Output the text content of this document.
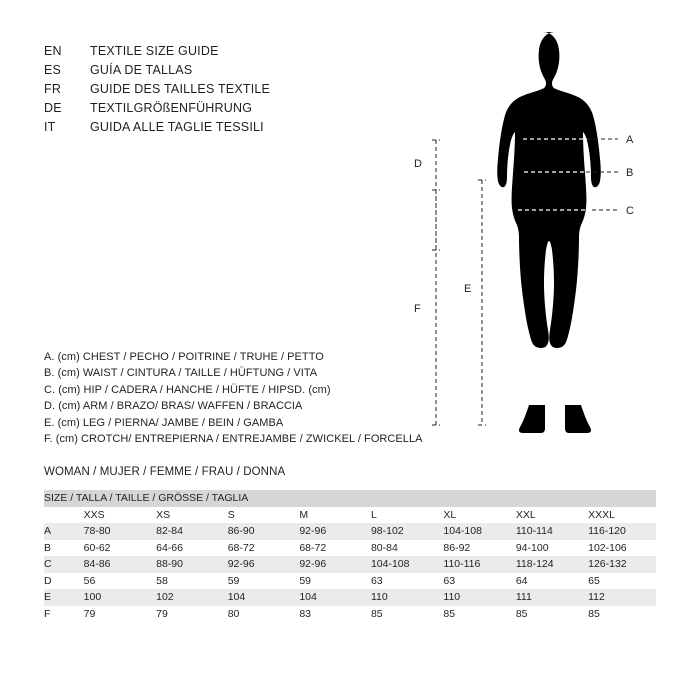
EN	TEXTILE SIZE GUIDE
ES	GUÍA DE TALLAS
FR	GUIDE DES TAILLES TEXTILE
DE	TEXTILGRÖßENFÜHRUNG
IT	GUIDA ALLE TAGLIE TESSILI
A. (cm) CHEST / PECHO / POITRINE / TRUHE / PETTO
B. (cm) WAIST / CINTURA / TAILLE / HÜFTUNG / VITA
C. (cm) HIP / CADERA / HANCHE / HÜFTE / HIPSD. (cm)
D. (cm) ARM / BRAZO/ BRAS/ WAFFEN / BRACCIA
E. (cm) LEG / PIERNA/ JAMBE / BEIN / GAMBA
F. (cm) CROTCH/ ENTREPIERNA / ENTREJAMBE / ZWICKEL / FORCELLA
WOMAN / MUJER / FEMME / FRAU / DONNA
SIZE / TALLA / TAILLE / GRÖSSE / TAGLIA								
	XXS	XS	S	M	L	XL	XXL	XXXL
A	78-80	82-84	86-90	92-96	98-102	104-108	110-114	116-120
B	60-62	64-66	68-72	68-72	80-84	86-92	94-100	102-106
C	84-86	88-90	92-96	92-96	104-108	110-116	118-124	126-132
D	56	58	59	59	63	63	64	65
E	100	102	104	104	110	110	111	112
F	79	79	80	83	85	85	85	85
A
B
C
D
F
E
